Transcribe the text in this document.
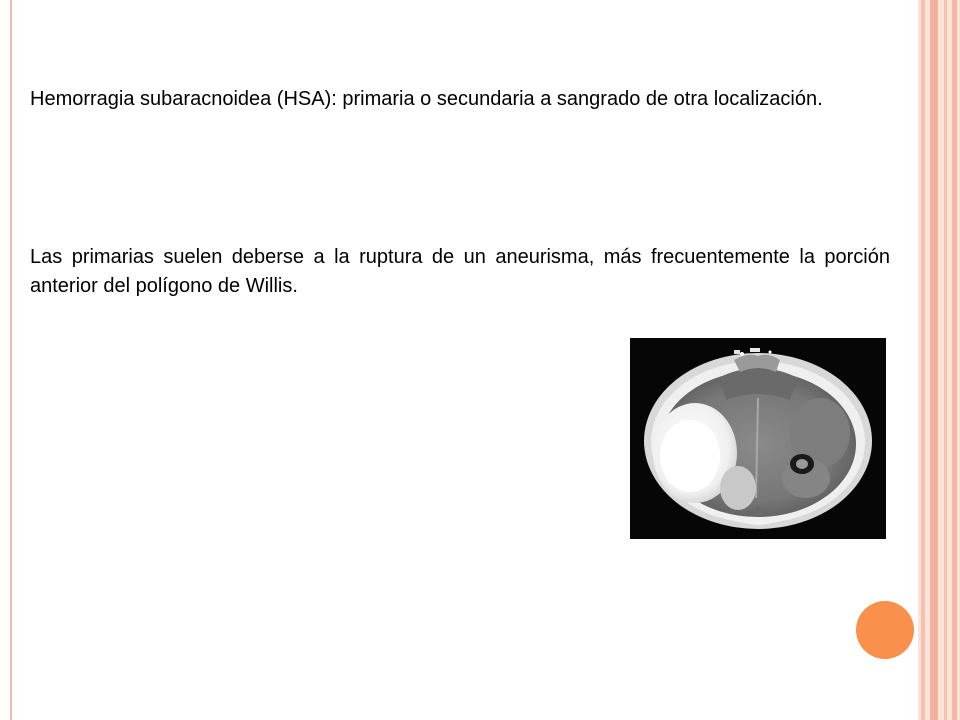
Hemorragia subaracnoidea (HSA): primaria o secundaria a sangrado de otra localización.

Las primarias suelen deberse a la ruptura de un aneurisma, más frecuentemente la porción anterior del polígono de Willis.
